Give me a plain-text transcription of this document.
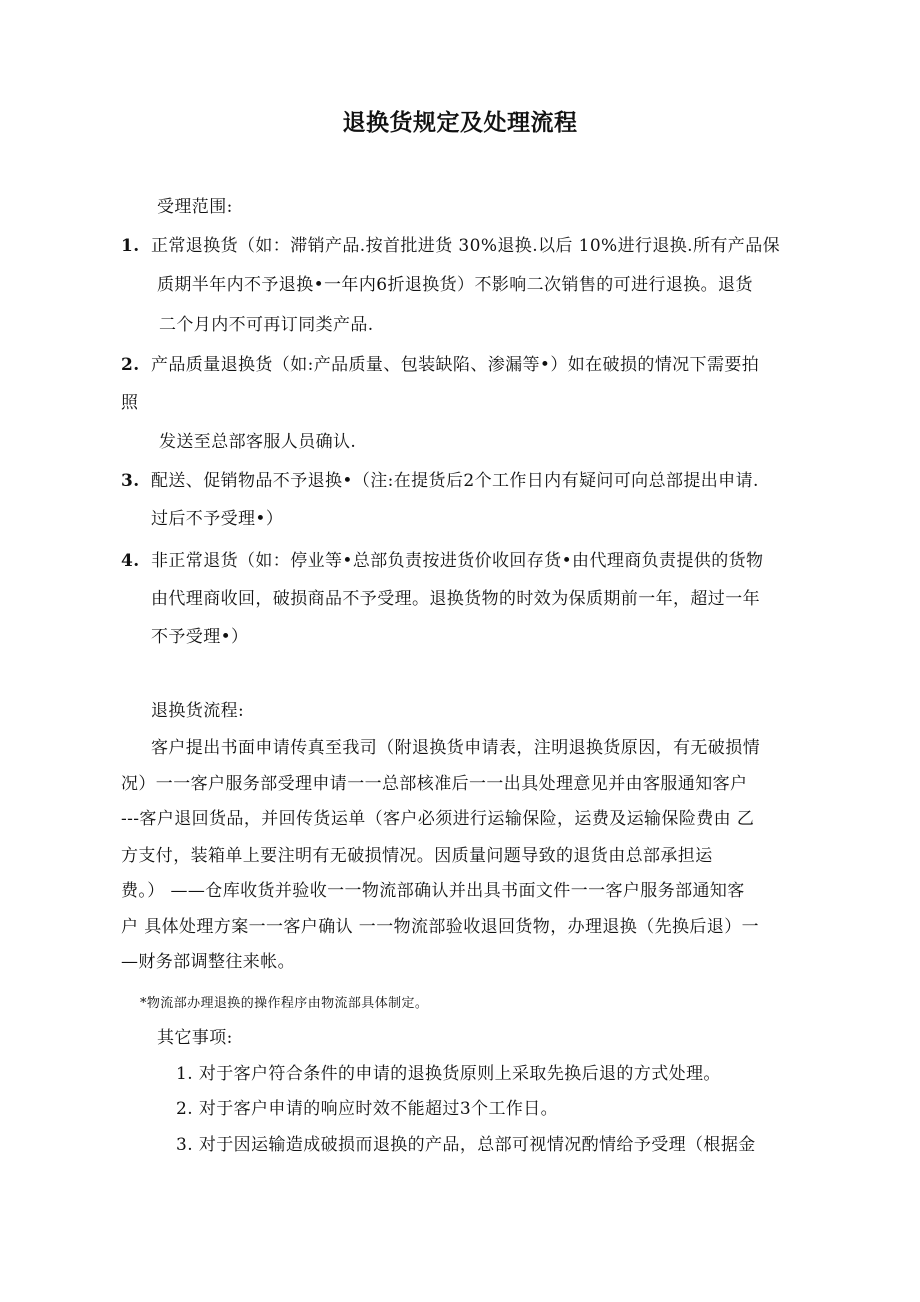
退换货规定及处理流程
受理范围:
1. 正常退换货（如：滞销产品.按首批进货 30%退换.以后 10%进行退换.所有产品保
质期半年内不予退换•一年内6折退换货）不影响二次销售的可进行退换。退货
二个月内不可再订同类产品.
2. 产品质量退换货（如:产品质量、包装缺陷、渗漏等•）如在破损的情况下需要拍
照
发送至总部客服人员确认.
3. 配送、促销物品不予退换•（注:在提货后2个工作日内有疑问可向总部提出申请.
过后不予受理•）
4. 非正常退货（如：停业等•总部负责按进货价收回存货•由代理商负责提供的货物
由代理商收回，破损商品不予受理。退换货物的时效为保质期前一年，超过一年
不予受理•）
退换货流程:
客户提出书面申请传真至我司（附退换货申请表，注明退换货原因，有无破损情
况）一一客户服务部受理申请一一总部核准后一一出具处理意见并由客服通知客户
---客户退回货品，并回传货运单（客户必须进行运输保险，运费及运输保险费由 乙
方支付，装箱单上要注明有无破损情况。因质量问题导致的退货由总部承担运
费。） ——仓库收货并验收一一物流部确认并出具书面文件一一客户服务部通知客
户 具体处理方案一一客户确认 一一物流部验收退回货物，办理退换（先换后退）一
—财务部调整往来帐。
*物流部办理退换的操作程序由物流部具体制定。
其它事项:
1. 对于客户符合条件的申请的退换货原则上采取先换后退的方式处理。
2. 对于客户申请的响应时效不能超过3个工作日。
3. 对于因运输造成破损而退换的产品，总部可视情况酌情给予受理（根据金
